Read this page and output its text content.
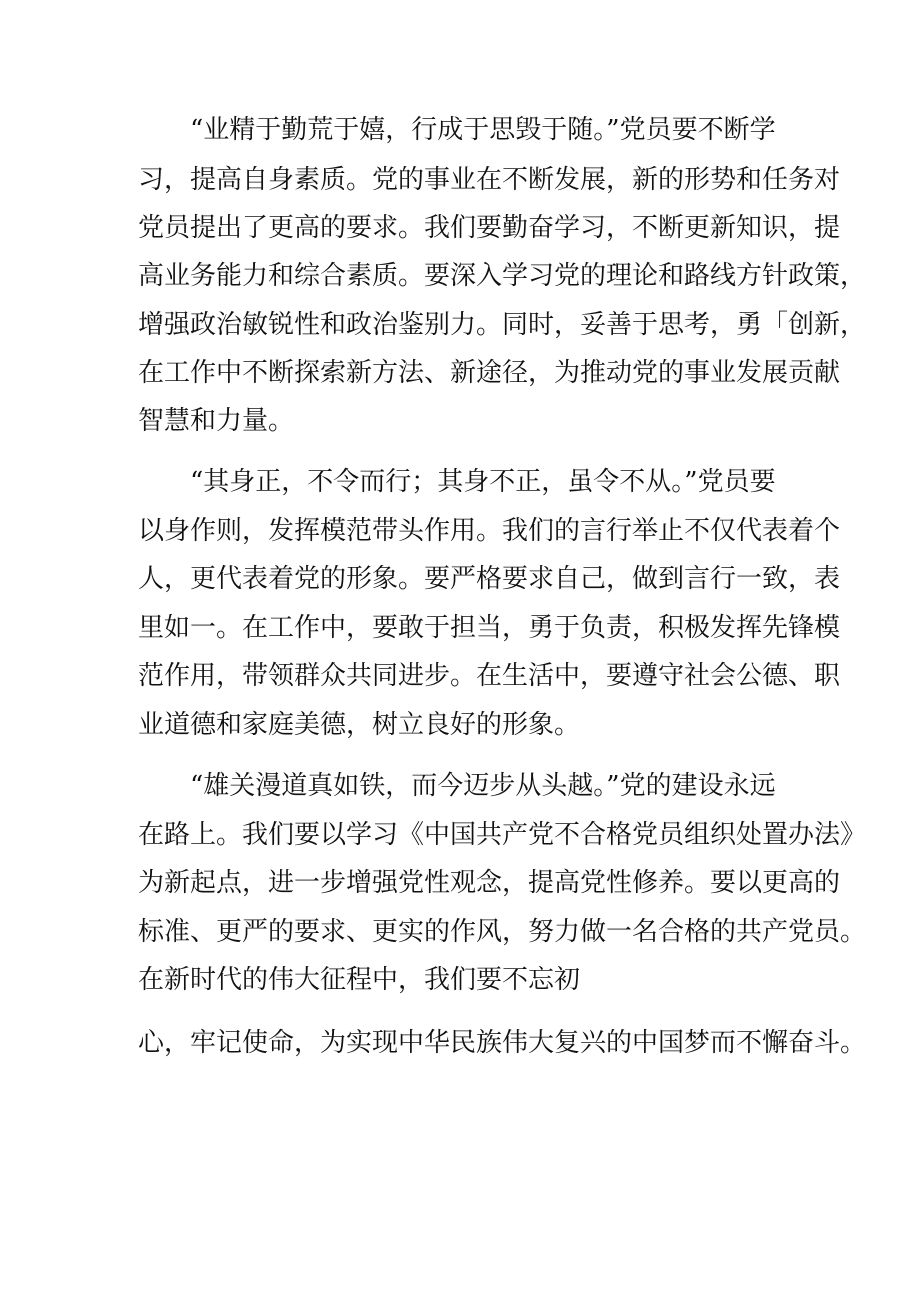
“业精于勤荒于嬉，行成于思毁于随。”党员要不断学

习，提高自身素质。党的事业在不断发展，新的形势和任务对

党员提出了更高的要求。我们要勤奋学习，不断更新知识，提

高业务能力和综合素质。要深入学习党的理论和路线方针政策，

增强政治敏锐性和政治鉴别力。同时，妥善于思考，勇「创新，

在工作中不断探索新方法、新途径，为推动党的事业发展贡献

智慧和力量。

“其身正，不令而行；其身不正，虽令不从。”党员要

以身作则，发挥模范带头作用。我们的言行举止不仅代表着个

人，更代表着党的形象。要严格要求自己，做到言行一致，表

里如一。在工作中，要敢于担当，勇于负责，积极发挥先锋模

范作用，带领群众共同进步。在生活中，要遵守社会公德、职

业道德和家庭美德，树立良好的形象。

“雄关漫道真如铁，而今迈步从头越。”党的建设永远

在路上。我们要以学习《中国共产党不合格党员组织处置办法》

为新起点，进一步增强党性观念，提高党性修养。要以更高的

标准、更严的要求、更实的作风，努力做一名合格的共产党员。

在新时代的伟大征程中，我们要不忘初

心，牢记使命，为实现中华民族伟大复兴的中国梦而不懈奋斗。
